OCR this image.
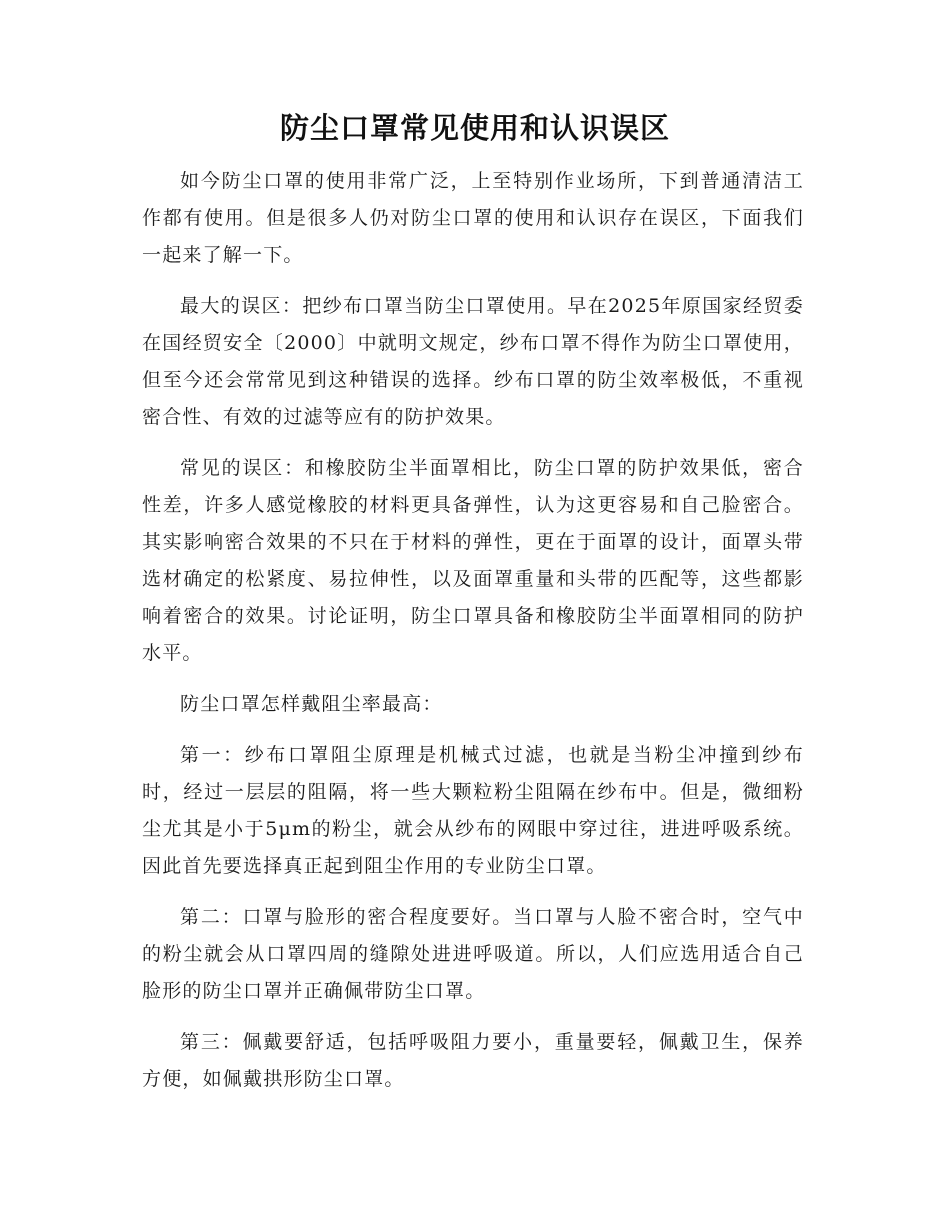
防尘口罩常见使用和认识误区

如今防尘口罩的使用非常广泛，上至特别作业场所，下到普通清洁工作都有使用。但是很多人仍对防尘口罩的使用和认识存在误区，下面我们一起来了解一下。

最大的误区：把纱布口罩当防尘口罩使用。早在2025年原国家经贸委在国经贸安全〔2000〕中就明文规定，纱布口罩不得作为防尘口罩使用，但至今还会常常见到这种错误的选择。纱布口罩的防尘效率极低，不重视密合性、有效的过滤等应有的防护效果。

常见的误区：和橡胶防尘半面罩相比，防尘口罩的防护效果低，密合性差，许多人感觉橡胶的材料更具备弹性，认为这更容易和自己脸密合。其实影响密合效果的不只在于材料的弹性，更在于面罩的设计，面罩头带选材确定的松紧度、易拉伸性，以及面罩重量和头带的匹配等，这些都影响着密合的效果。讨论证明，防尘口罩具备和橡胶防尘半面罩相同的防护水平。

防尘口罩怎样戴阻尘率最高：

第一：纱布口罩阻尘原理是机械式过滤，也就是当粉尘冲撞到纱布时，经过一层层的阻隔，将一些大颗粒粉尘阻隔在纱布中。但是，微细粉尘尤其是小于5μm的粉尘，就会从纱布的网眼中穿过往，进进呼吸系统。因此首先要选择真正起到阻尘作用的专业防尘口罩。

第二：口罩与脸形的密合程度要好。当口罩与人脸不密合时，空气中的粉尘就会从口罩四周的缝隙处进进呼吸道。所以，人们应选用适合自己脸形的防尘口罩并正确佩带防尘口罩。

第三：佩戴要舒适，包括呼吸阻力要小，重量要轻，佩戴卫生，保养方便，如佩戴拱形防尘口罩。
